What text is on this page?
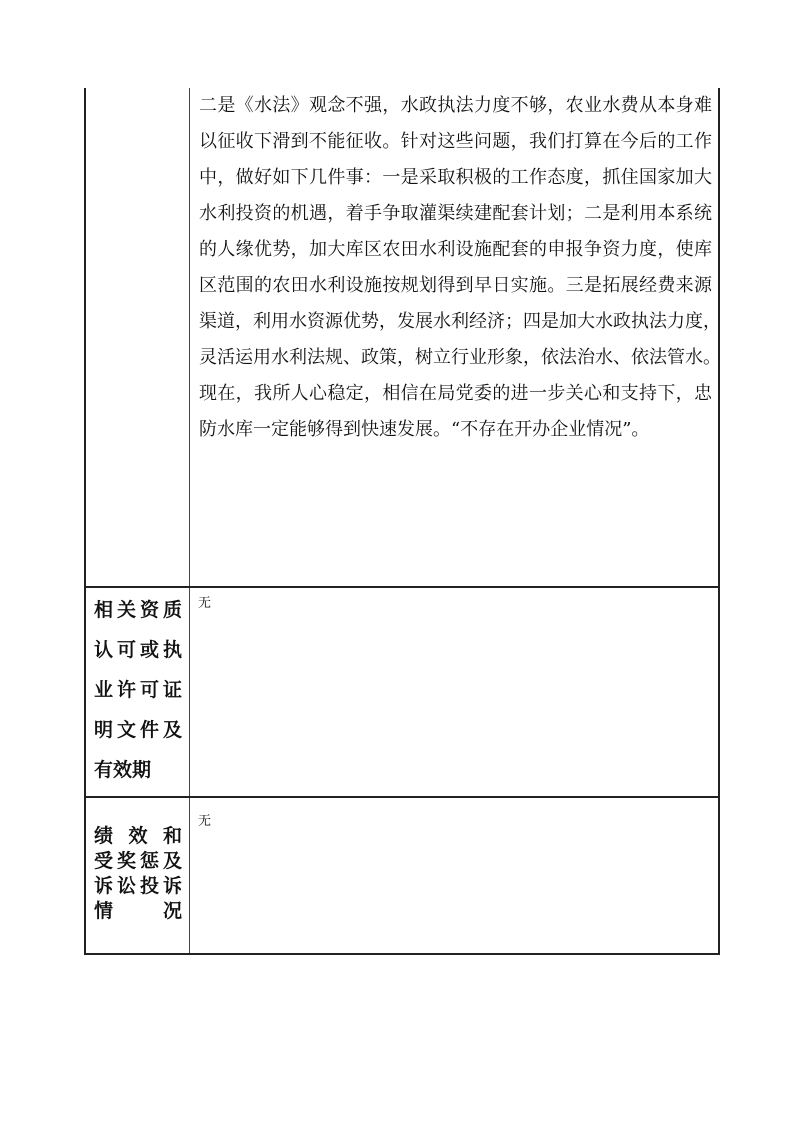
二是《水法》观念不强，水政执法力度不够，农业水费从本身难
以征收下滑到不能征收。针对这些问题，我们打算在今后的工作
中，做好如下几件事：一是采取积极的工作态度，抓住国家加大
水利投资的机遇，着手争取灌渠续建配套计划；二是利用本系统
的人缘优势，加大库区农田水利设施配套的申报争资力度，使库
区范围的农田水利设施按规划得到早日实施。三是拓展经费来源
渠道，利用水资源优势，发展水利经济；四是加大水政执法力度，
灵活运用水利法规、政策，树立行业形象，依法治水、依法管水。
现在，我所人心稳定，相信在局党委的进一步关心和支持下，忠
防水库一定能够得到快速发展。“不存在开办企业情况”。
相关资质
认可或执
业许可证
明文件及
有效期
无
绩 效 和
受奖惩及
诉讼投诉
情　　况
无
